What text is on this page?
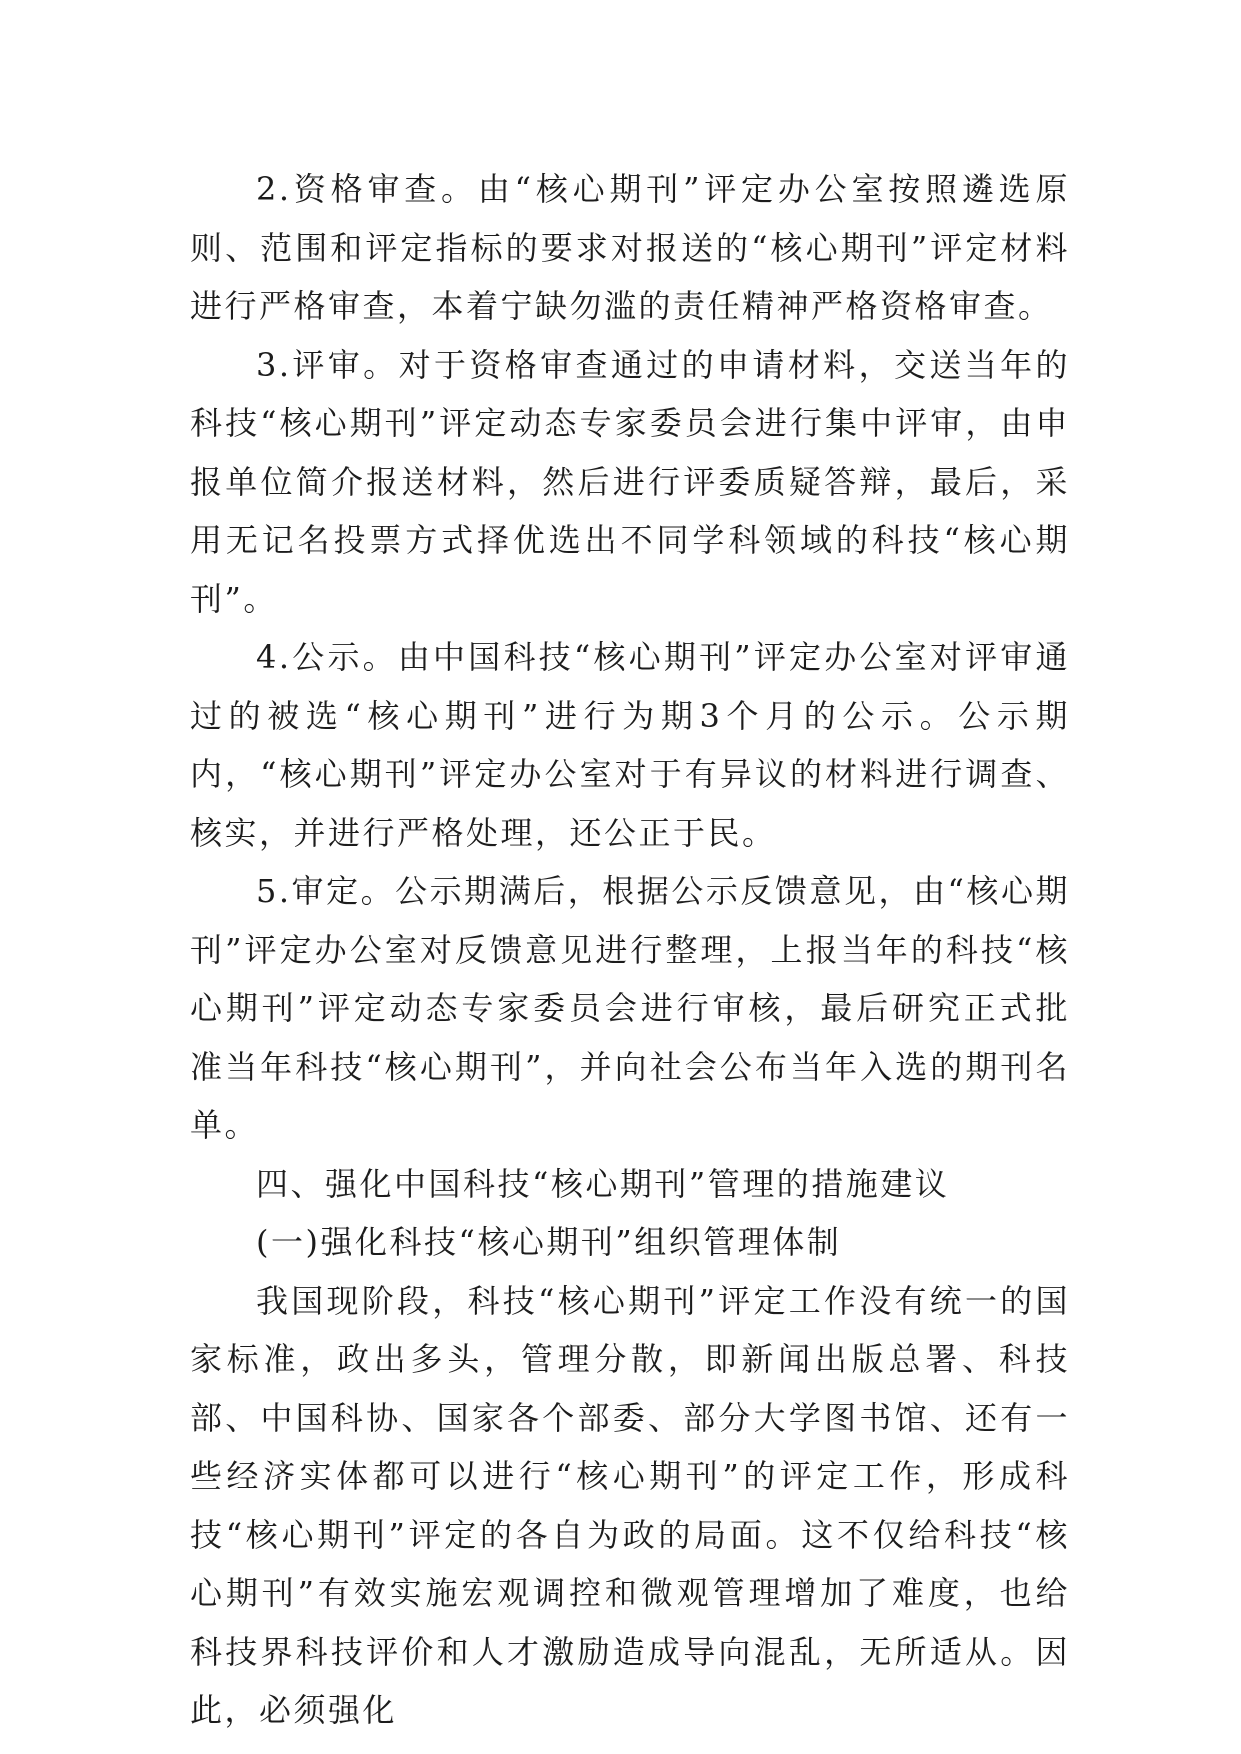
2.资格审查。由“核心期刊”评定办公室按照遴选原则、范围和评定指标的要求对报送的“核心期刊”评定材料进行严格审查，本着宁缺勿滥的责任精神严格资格审查。

3.评审。对于资格审查通过的申请材料，交送当年的科技“核心期刊”评定动态专家委员会进行集中评审，由申报单位简介报送材料，然后进行评委质疑答辩，最后，采用无记名投票方式择优选出不同学科领域的科技“核心期刊”。

4.公示。由中国科技“核心期刊”评定办公室对评审通过的被选“核心期刊”进行为期3个月的公示。公示期内，“核心期刊”评定办公室对于有异议的材料进行调查、核实，并进行严格处理，还公正于民。

5.审定。公示期满后，根据公示反馈意见，由“核心期刊”评定办公室对反馈意见进行整理，上报当年的科技“核心期刊”评定动态专家委员会进行审核，最后研究正式批准当年科技“核心期刊”，并向社会公布当年入选的期刊名单。

四、强化中国科技“核心期刊”管理的措施建议

(一)强化科技“核心期刊”组织管理体制

我国现阶段，科技“核心期刊”评定工作没有统一的国家标准，政出多头，管理分散，即新闻出版总署、科技部、中国科协、国家各个部委、部分大学图书馆、还有一些经济实体都可以进行“核心期刊”的评定工作，形成科技“核心期刊”评定的各自为政的局面。这不仅给科技“核心期刊”有效实施宏观调控和微观管理增加了难度，也给科技界科技评价和人才激励造成导向混乱，无所适从。因此，必须强化
